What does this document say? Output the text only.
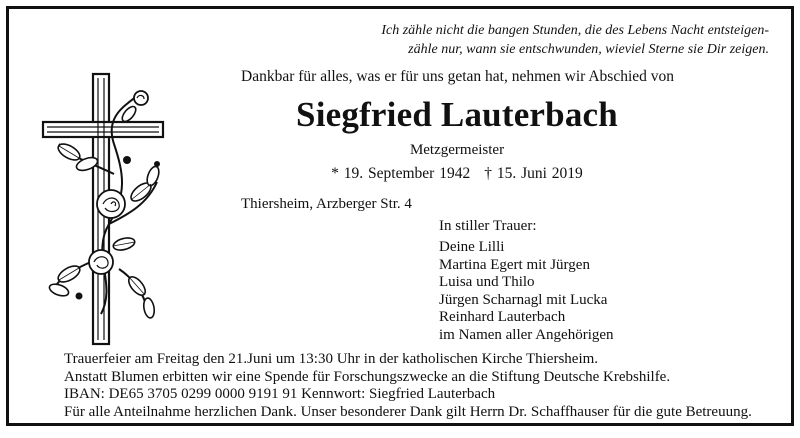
Ich zähle nicht die bangen Stunden, die des Lebens Nacht entsteigen-
zähle nur, wann sie entschwunden, wieviel Sterne sie Dir zeigen.

Dankbar für alles, was er für uns getan hat, nehmen wir Abschied von

Siegfried Lauterbach

Metzgermeister

* 19. September 1942 † 15. Juni 2019

Thiersheim, Arzberger Str. 4

In stiller Trauer:

Deine Lilli
Martina Egert mit Jürgen
Luisa und Thilo
Jürgen Scharnagl mit Lucka
Reinhard Lauterbach
im Namen aller Angehörigen

Trauerfeier am Freitag den 21.Juni um 13:30 Uhr in der katholischen Kirche Thiersheim.
Anstatt Blumen erbitten wir eine Spende für Forschungszwecke an die Stiftung Deutsche Krebshilfe.
IBAN: DE65 3705 0299 0000 9191 91 Kennwort: Siegfried Lauterbach
Für alle Anteilnahme herzlichen Dank. Unser besonderer Dank gilt Herrn Dr. Schaffhauser für die gute Betreuung.
